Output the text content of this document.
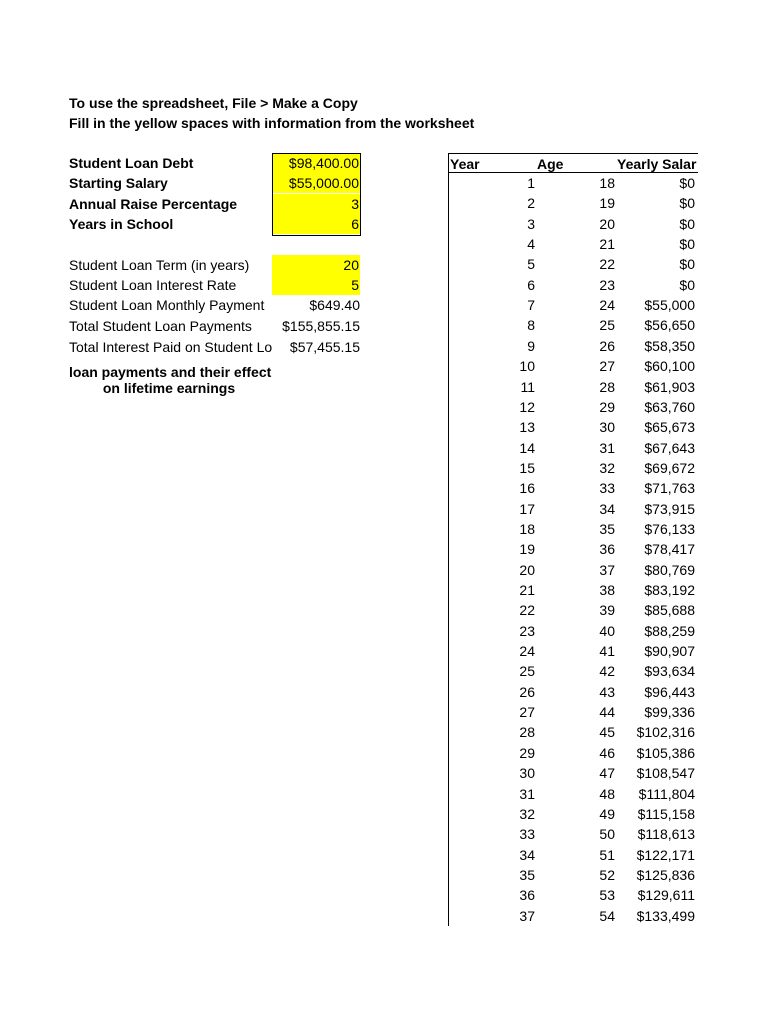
To use the spreadsheet, File > Make a Copy
Fill in the yellow spaces with information from the worksheet
Student Loan Debt	$98,400.00
Starting Salary	$55,000.00
Annual Raise Percentage	3
Years in School	6
Student Loan Term (in years)	20
Student Loan Interest Rate	5
Student Loan Monthly Payment	$649.40
Total Student Loan Payments	$155,855.15
Total Interest Paid on Student Lo	$57,455.15
loan payments and their effect
on lifetime earnings
Year	Age	Yearly Salar
1	18	$0
2	19	$0
3	20	$0
4	21	$0
5	22	$0
6	23	$0
7	24	$55,000
8	25	$56,650
9	26	$58,350
10	27	$60,100
11	28	$61,903
12	29	$63,760
13	30	$65,673
14	31	$67,643
15	32	$69,672
16	33	$71,763
17	34	$73,915
18	35	$76,133
19	36	$78,417
20	37	$80,769
21	38	$83,192
22	39	$85,688
23	40	$88,259
24	41	$90,907
25	42	$93,634
26	43	$96,443
27	44	$99,336
28	45	$102,316
29	46	$105,386
30	47	$108,547
31	48	$111,804
32	49	$115,158
33	50	$118,613
34	51	$122,171
35	52	$125,836
36	53	$129,611
37	54	$133,499
